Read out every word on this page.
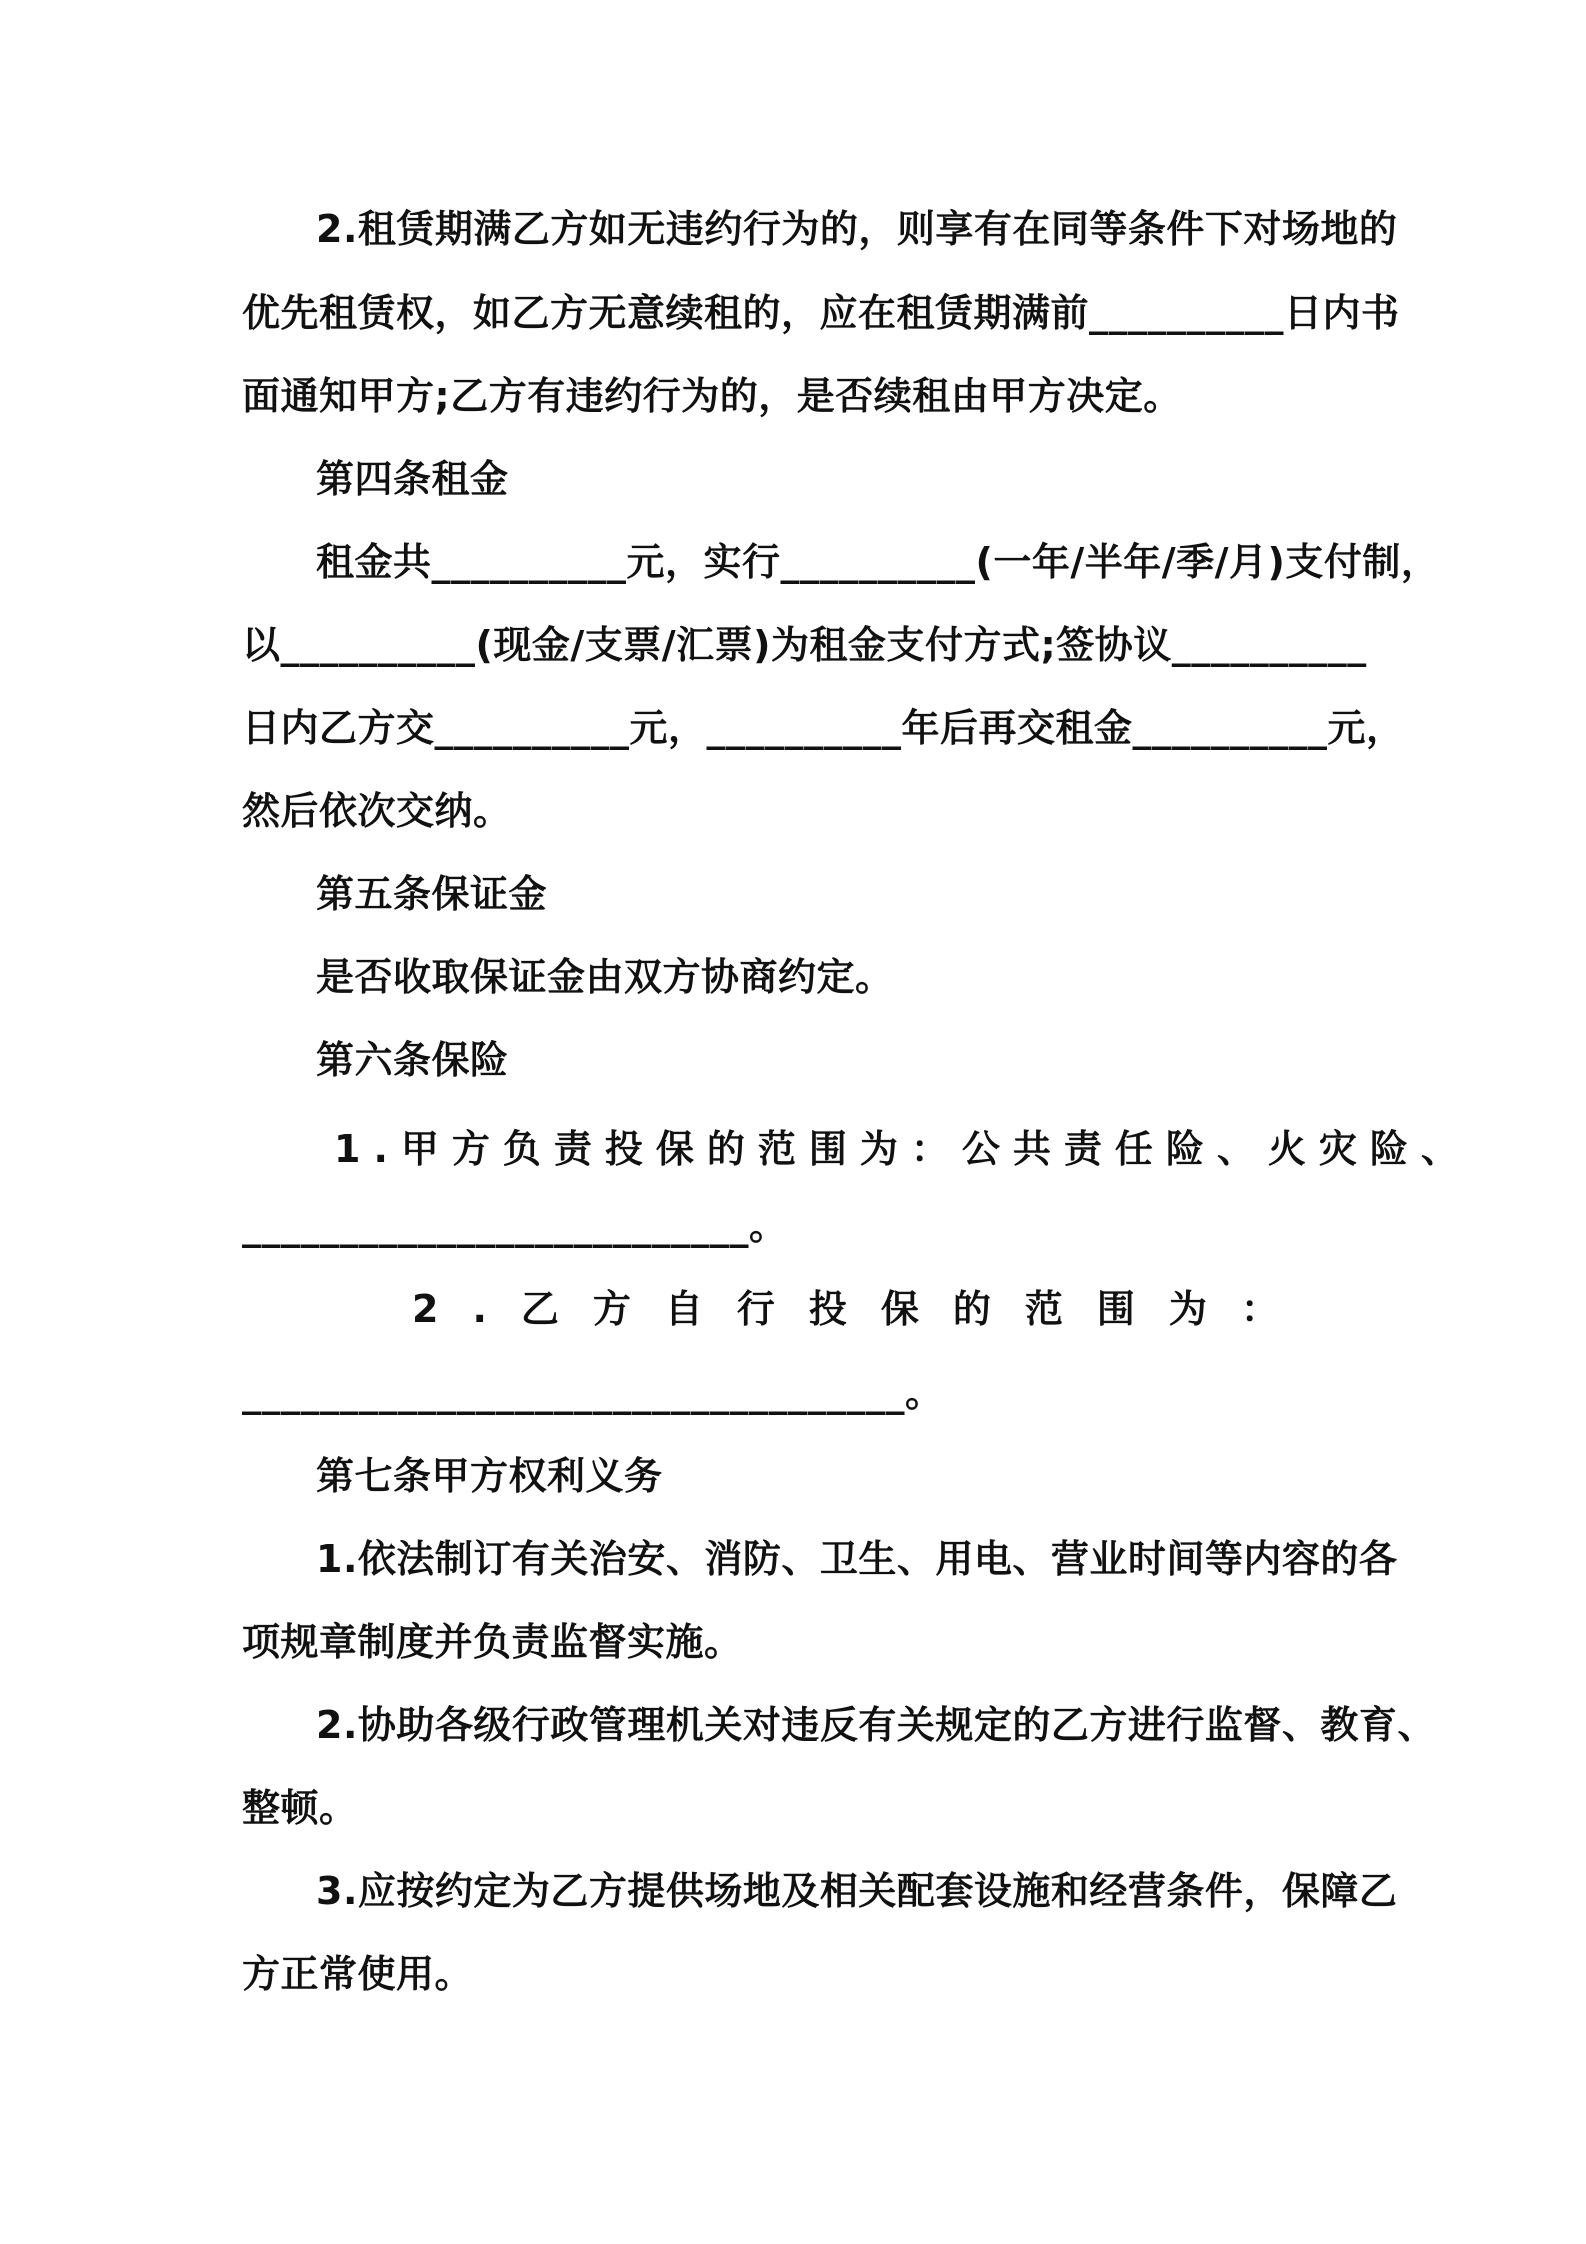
2.租赁期满乙方如无违约行为的，则享有在同等条件下对场地的
优先租赁权，如乙方无意续租的，应在租赁期满前__________日内书
面通知甲方;乙方有违约行为的，是否续租由甲方决定。
第四条租金
租金共__________元，实行__________(一年/半年/季/月)支付制，
以__________(现金/支票/汇票)为租金支付方式;签协议__________
日内乙方交__________元，__________年后再交租金__________元，
然后依次交纳。
第五条保证金
是否收取保证金由双方协商约定。
第六条保险
1.甲方负责投保的范围为：公共责任险、火灾险、
__________________________。
2.乙方自行投保的范围为：
__________________________________。
第七条甲方权利义务
1.依法制订有关治安、消防、卫生、用电、营业时间等内容的各
项规章制度并负责监督实施。
2.协助各级行政管理机关对违反有关规定的乙方进行监督、教育、
整顿。
3.应按约定为乙方提供场地及相关配套设施和经营条件，保障乙
方正常使用。
